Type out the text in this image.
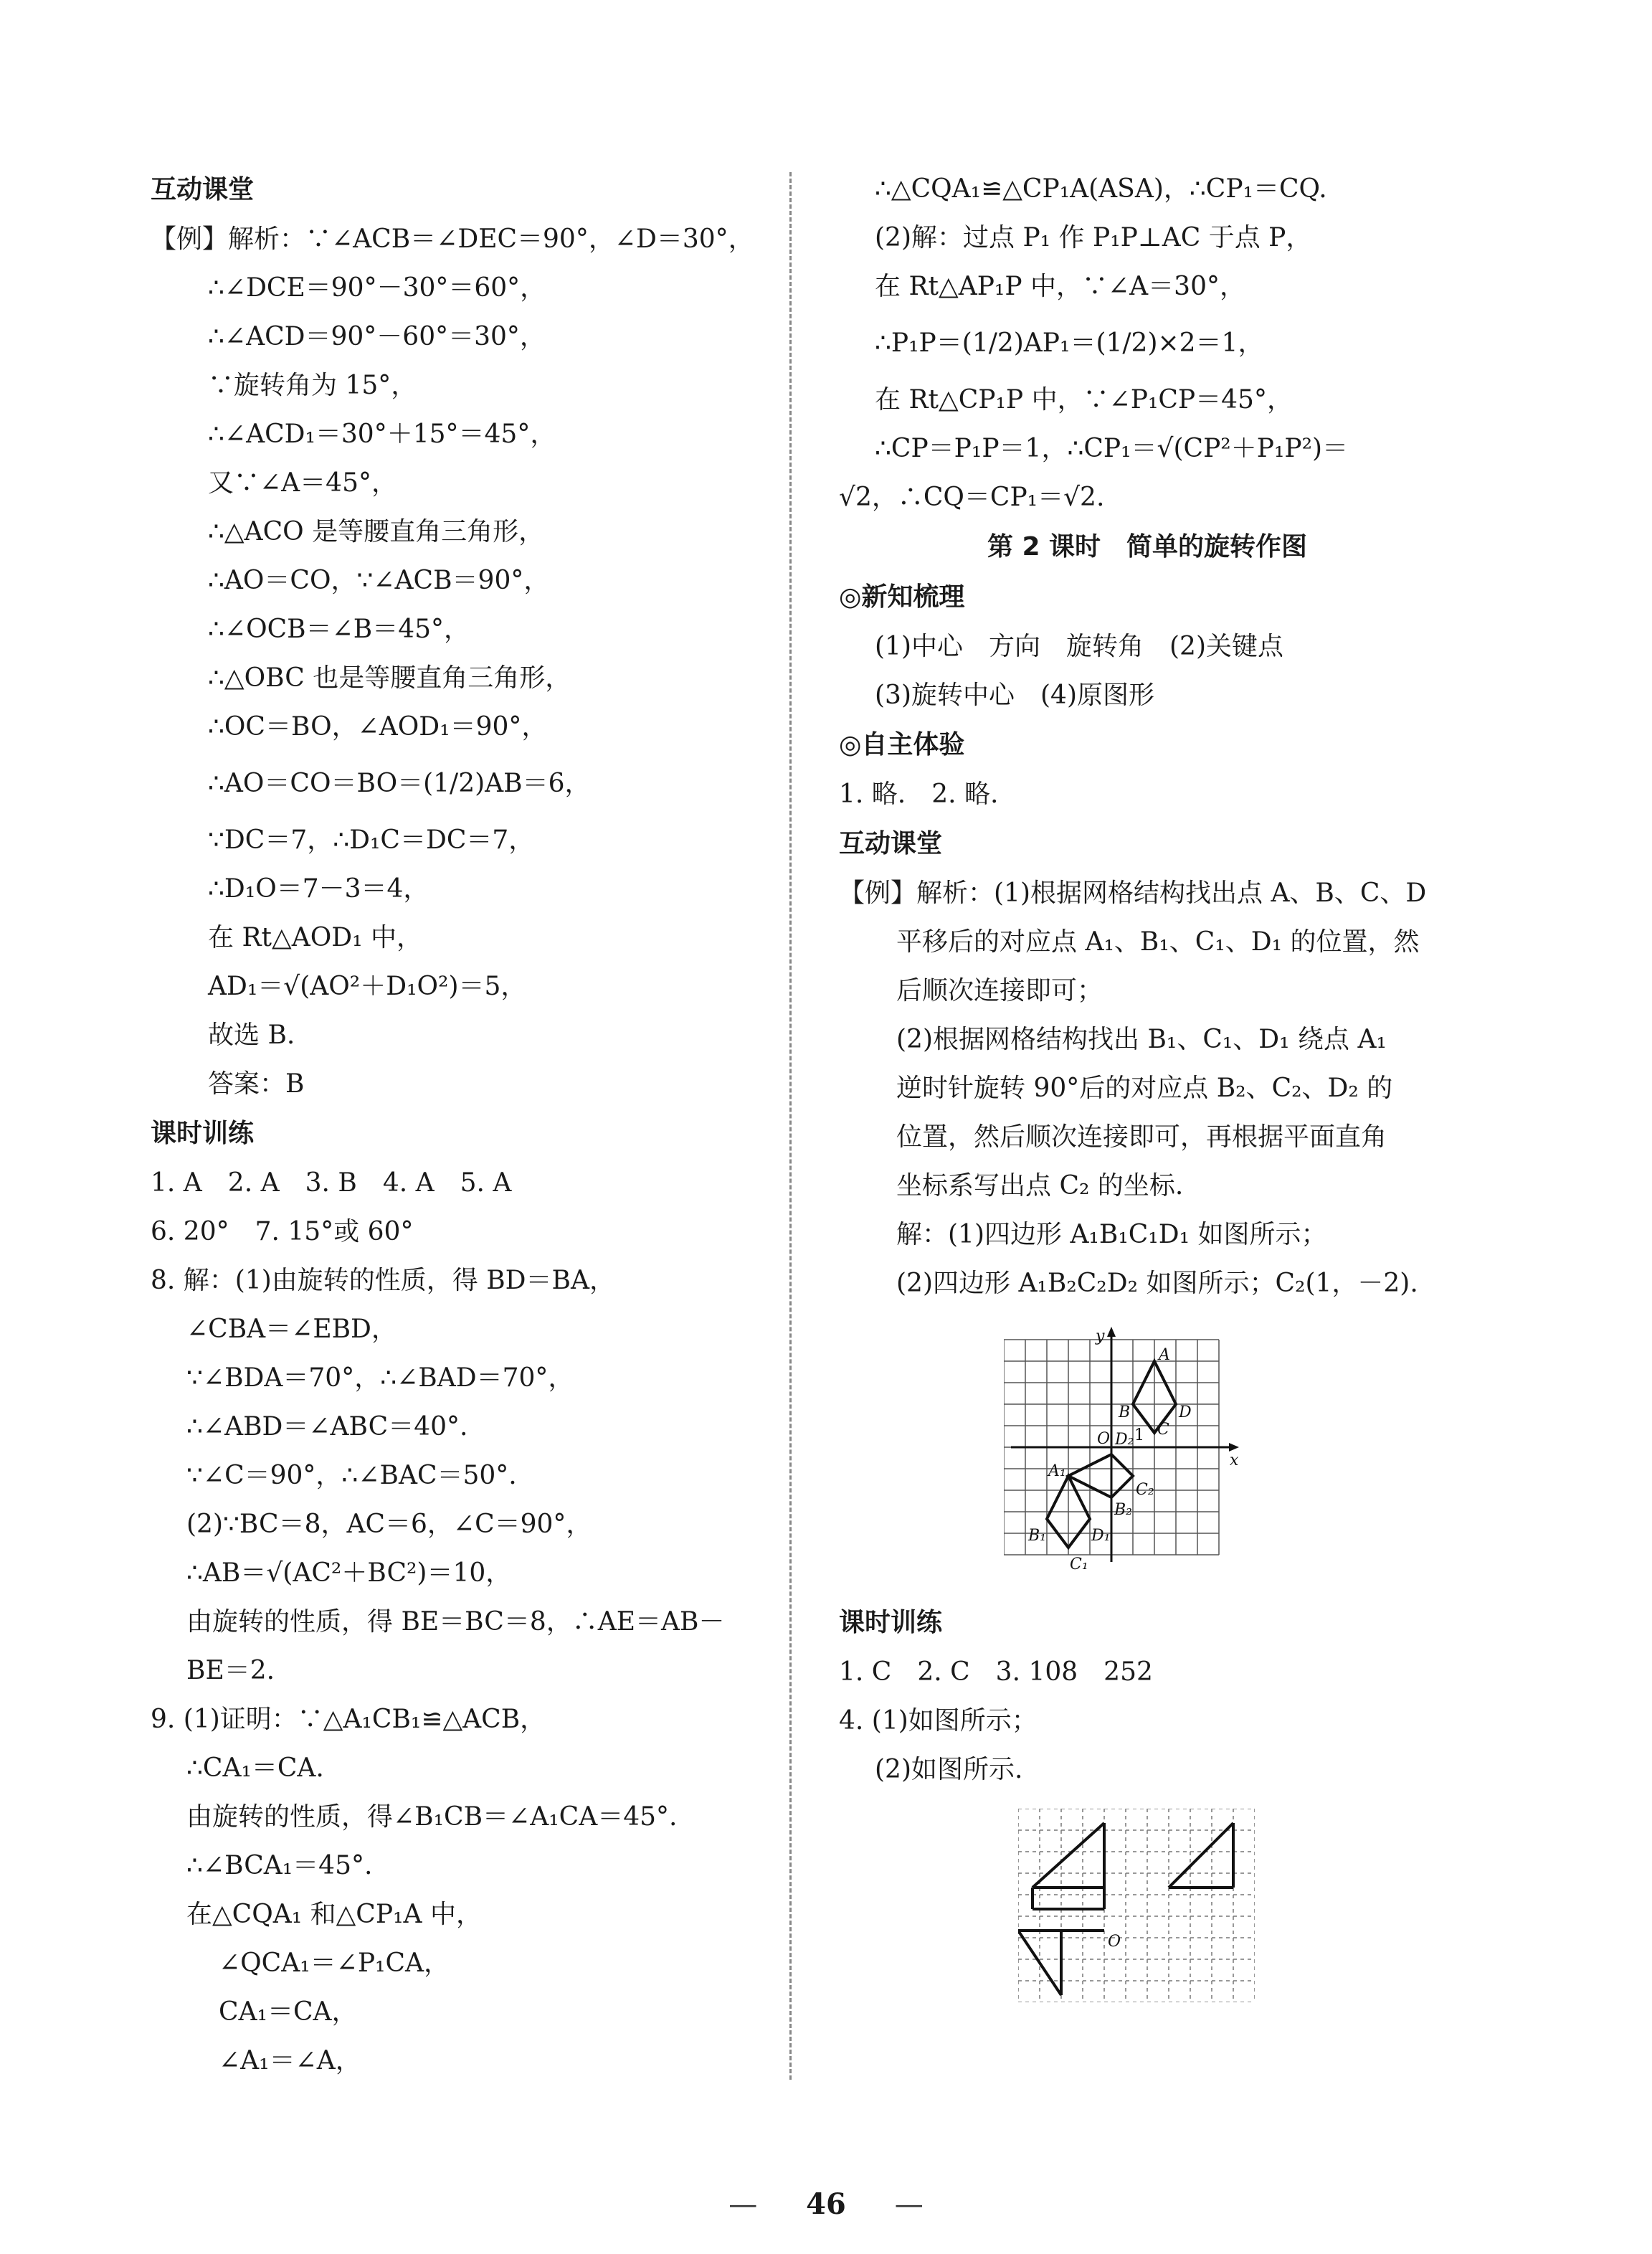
互动课堂
【例】解析：∵∠ACB＝∠DEC＝90°，∠D＝30°，
∴∠DCE＝90°－30°＝60°，
∴∠ACD＝90°－60°＝30°，
∵旋转角为 15°，
∴∠ACD₁＝30°＋15°＝45°，
又∵∠A＝45°，
∴△ACO 是等腰直角三角形，
∴AO＝CO，∵∠ACB＝90°，
∴∠OCB＝∠B＝45°，
∴△OBC 也是等腰直角三角形，
∴OC＝BO，∠AOD₁＝90°，
∴AO＝CO＝BO＝(1/2)AB＝6，
∵DC＝7，∴D₁C＝DC＝7，
∴D₁O＝7－3＝4，
在 Rt△AOD₁ 中，
AD₁＝√(AO²＋D₁O²)＝5，
故选 B.
答案：B
课时训练
1. A　2. A　3. B　4. A　5. A
6. 20°　7. 15°或 60°
8. 解：(1)由旋转的性质，得 BD＝BA，
∠CBA＝∠EBD，
∵∠BDA＝70°，∴∠BAD＝70°，
∴∠ABD＝∠ABC＝40°.
∵∠C＝90°，∴∠BAC＝50°.
(2)∵BC＝8，AC＝6，∠C＝90°，
∴AB＝√(AC²＋BC²)＝10，
由旋转的性质，得 BE＝BC＝8，∴AE＝AB－
BE＝2.
9. (1)证明：∵△A₁CB₁≌△ACB，
∴CA₁＝CA.
由旋转的性质，得∠B₁CB＝∠A₁CA＝45°.
∴∠BCA₁＝45°.
在△CQA₁ 和△CP₁A 中，
∠QCA₁＝∠P₁CA，
CA₁＝CA，
∠A₁＝∠A，
∴△CQA₁≌△CP₁A(ASA)，∴CP₁＝CQ.
(2)解：过点 P₁ 作 P₁P⊥AC 于点 P，
在 Rt△AP₁P 中，∵∠A＝30°，
∴P₁P＝(1/2)AP₁＝(1/2)×2＝1，
在 Rt△CP₁P 中，∵∠P₁CP＝45°，
∴CP＝P₁P＝1，∴CP₁＝√(CP²＋P₁P²)＝
√2，∴CQ＝CP₁＝√2.
第 2 课时　简单的旋转作图
◎新知梳理
(1)中心　方向　旋转角　(2)关键点
(3)旋转中心　(4)原图形
◎自主体验
1. 略.　2. 略.
互动课堂
【例】解析：(1)根据网格结构找出点 A、B、C、D
平移后的对应点 A₁、B₁、C₁、D₁ 的位置，然
后顺次连接即可；
(2)根据网格结构找出 B₁、C₁、D₁ 绕点 A₁
逆时针旋转 90°后的对应点 B₂、C₂、D₂ 的
位置，然后顺次连接即可，再根据平面直角
坐标系写出点 C₂ 的坐标.
解：(1)四边形 A₁B₁C₁D₁ 如图所示；
(2)四边形 A₁B₂C₂D₂ 如图所示；C₂(1，－2).
y
x
O
A
B
C
D
D₂ 1
A₁
B₁
C₁
D₁
B₂
C₂
课时训练
1. C　2. C　3. 108　252
4. (1)如图所示；
(2)如图所示.
O
— 46 —
